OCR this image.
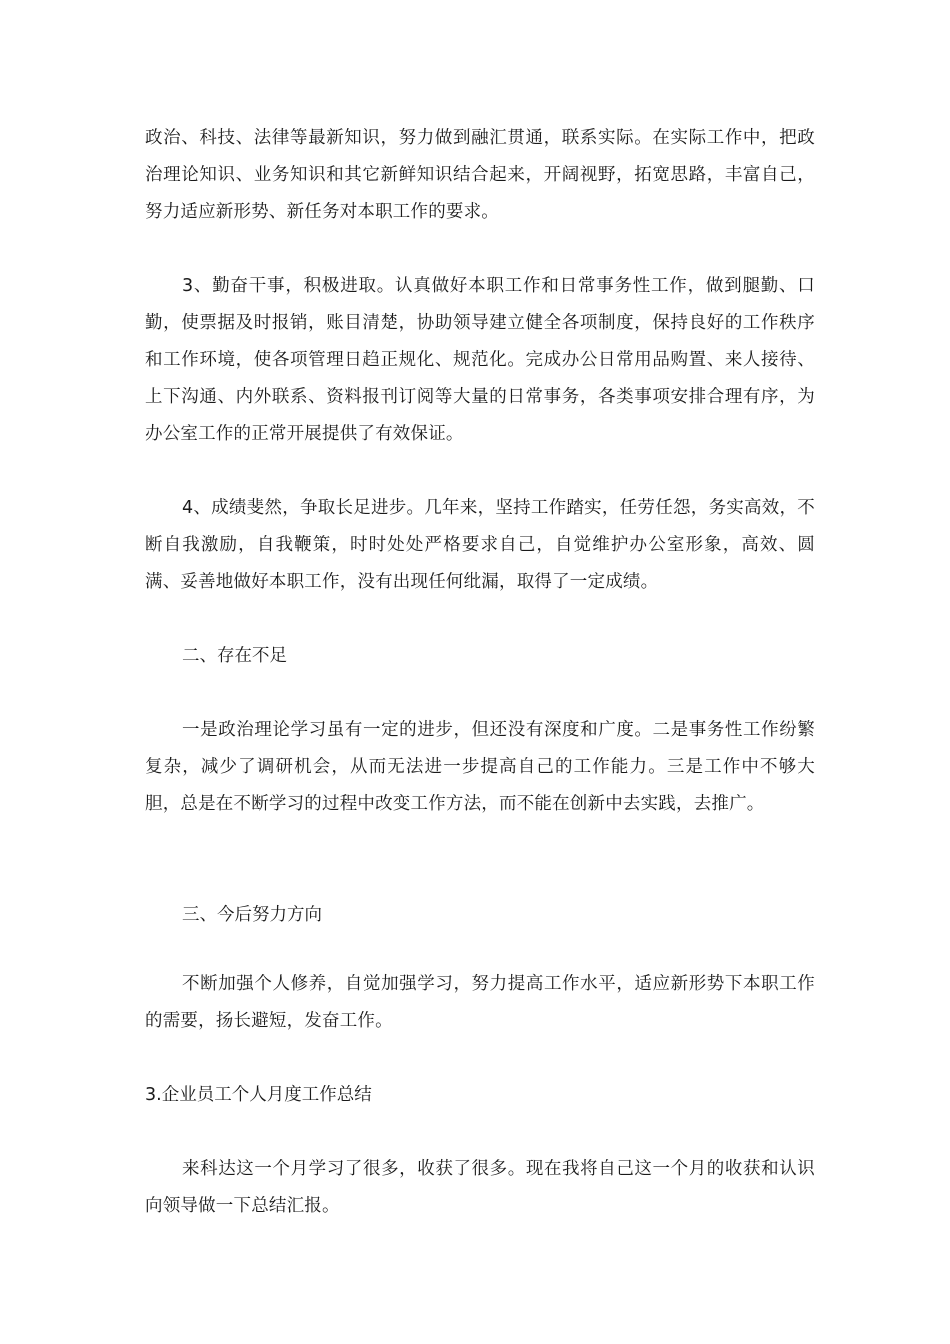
政治、科技、法律等最新知识，努力做到融汇贯通，联系实际。在实际工作中，把政治理论知识、业务知识和其它新鲜知识结合起来，开阔视野，拓宽思路，丰富自己，努力适应新形势、新任务对本职工作的要求。

3、勤奋干事，积极进取。认真做好本职工作和日常事务性工作，做到腿勤、口勤，使票据及时报销，账目清楚，协助领导建立健全各项制度，保持良好的工作秩序和工作环境，使各项管理日趋正规化、规范化。完成办公日常用品购置、来人接待、上下沟通、内外联系、资料报刊订阅等大量的日常事务，各类事项安排合理有序，为办公室工作的正常开展提供了有效保证。

4、成绩斐然，争取长足进步。几年来，坚持工作踏实，任劳任怨，务实高效，不断自我激励，自我鞭策，时时处处严格要求自己，自觉维护办公室形象，高效、圆满、妥善地做好本职工作，没有出现任何纰漏，取得了一定成绩。

二、存在不足

一是政治理论学习虽有一定的进步，但还没有深度和广度。二是事务性工作纷繁复杂，减少了调研机会，从而无法进一步提高自己的工作能力。三是工作中不够大胆，总是在不断学习的过程中改变工作方法，而不能在创新中去实践，去推广。

三、今后努力方向

不断加强个人修养，自觉加强学习，努力提高工作水平，适应新形势下本职工作的需要，扬长避短，发奋工作。

3.企业员工个人月度工作总结

来科达这一个月学习了很多，收获了很多。现在我将自己这一个月的收获和认识向领导做一下总结汇报。
